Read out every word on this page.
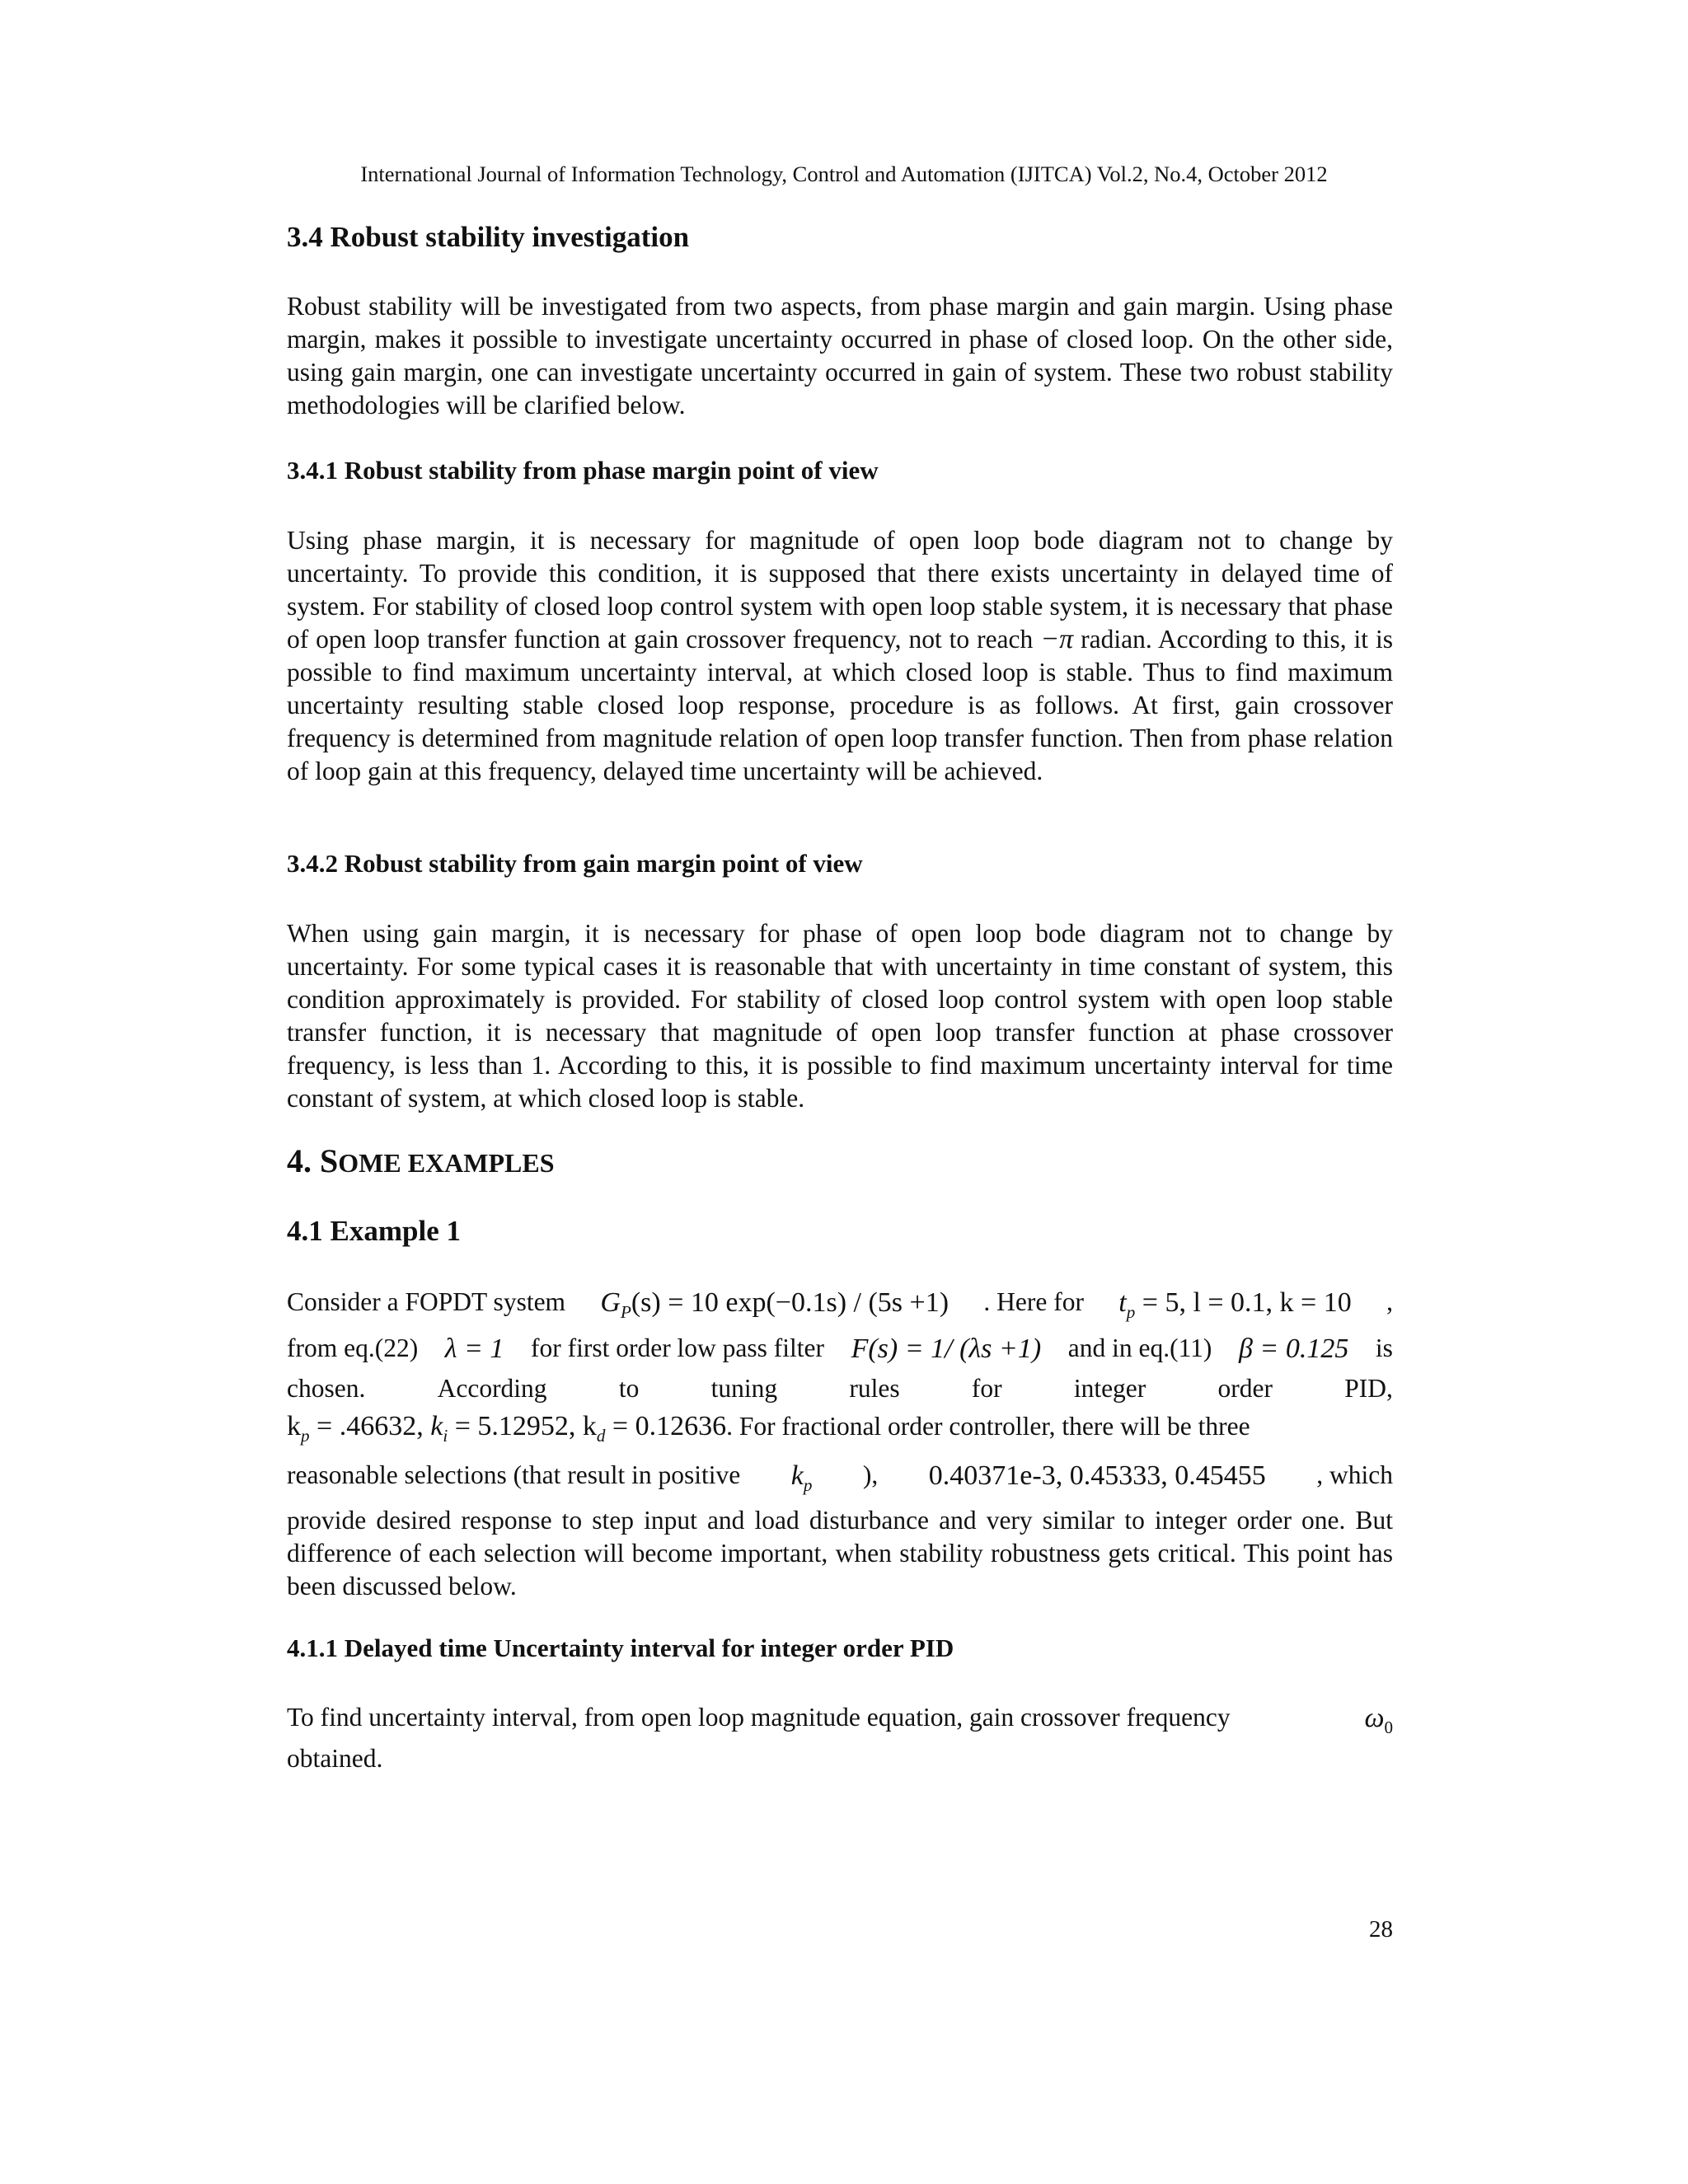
International Journal of Information Technology, Control and Automation (IJITCA) Vol.2, No.4, October 2012
3.4 Robust stability investigation
Robust stability will be investigated from two aspects, from phase margin and gain margin. Using phase margin, makes it possible to investigate uncertainty occurred in phase of closed loop. On the other side, using gain margin, one can investigate uncertainty occurred in gain of system. These two robust stability methodologies will be clarified below.
3.4.1 Robust stability from phase margin point of view
Using phase margin, it is necessary for magnitude of open loop bode diagram not to change by uncertainty. To provide this condition, it is supposed that there exists uncertainty in delayed time of system. For stability of closed loop control system with open loop stable system, it is necessary that phase of open loop transfer function at gain crossover frequency, not to reach −π radian. According to this, it is possible to find maximum uncertainty interval, at which closed loop is stable. Thus to find maximum uncertainty resulting stable closed loop response, procedure is as follows. At first, gain crossover frequency is determined from magnitude relation of open loop transfer function. Then from phase relation of loop gain at this frequency, delayed time uncertainty will be achieved.
3.4.2 Robust stability from gain margin point of view
When using gain margin, it is necessary for phase of open loop bode diagram not to change by uncertainty. For some typical cases it is reasonable that with uncertainty in time constant of system, this condition approximately is provided. For stability of closed loop control system with open loop stable transfer function, it is necessary that magnitude of open loop transfer function at phase crossover frequency, is less than 1. According to this, it is possible to find maximum uncertainty interval for time constant of system, at which closed loop is stable.
4. SOME EXAMPLES
4.1 Example 1
Consider a FOPDT system $G_P(s) = 10$ exp(−0.1s) / (5s +1) . Here for $t_p = 5$, l = 0.1, k = 10 ,
from eq.(22) λ = 1 for first order low pass filter F(s) = 1/ (λs +1) and in eq.(11) β = 0.125 is
chosen.	According	to	tuning	rules	for	integer	order	PID,
$k_p = .46632$, $k_i = 5.12952$, $k_d = 0.12636$. For fractional order controller, there will be three
reasonable selections (that result in positive $k_p$ ), 0.40371e-3, 0.45333, 0.45455 , which
provide desired response to step input and load disturbance and very similar to integer order one. But difference of each selection will become important, when stability robustness gets critical. This point has been discussed below.
4.1.1 Delayed time Uncertainty interval for integer order PID
To find uncertainty interval, from open loop magnitude equation, gain crossover frequency	$\omega_0$
obtained.
28
